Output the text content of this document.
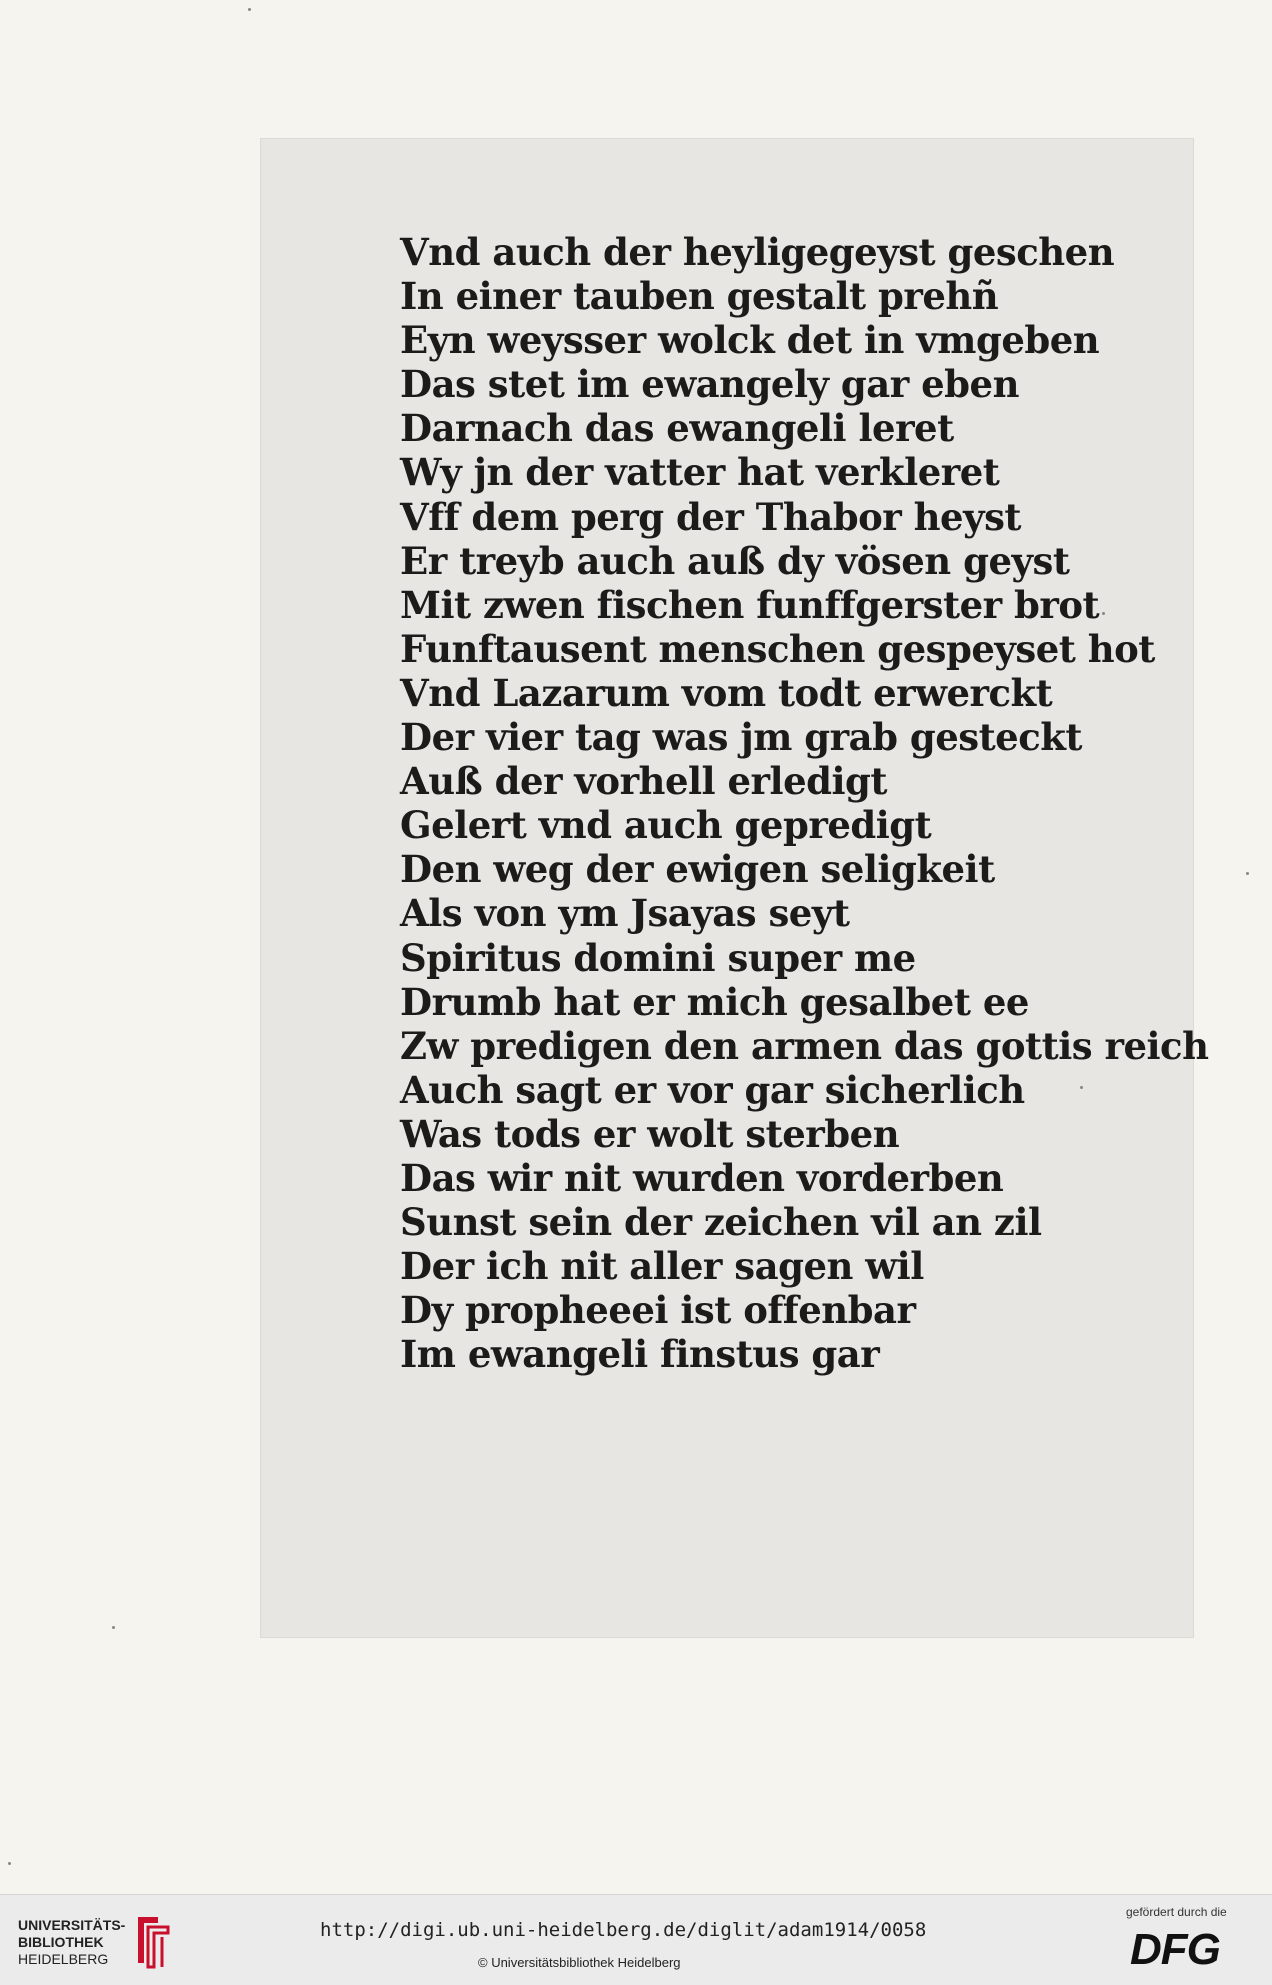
Vnd auch der heyligegeyst geschen
In einer tauben gestalt prehñ
Eyn weysser wolck det in vmgeben
Das stet im ewangely gar eben
Darnach das ewangeli leret
Wy jn der vatter hat verkleret
Vff dem perg der Thabor heyst
Er treyb auch auß dy vösen geyst
Mit zwen fischen funffgerster brot
Funftausent menschen gespeyset hot
Vnd Lazarum vom todt erwerckt
Der vier tag was jm grab gesteckt
Auß der vorhell erledigt
Gelert vnd auch gepredigt
Den weg der ewigen seligkeit
Als von ym Jsayas seyt
Spiritus domini super me
Drumb hat er mich gesalbet ee
Zw predigen den armen das gottis reich
Auch sagt er vor gar sicherlich
Was tods er wolt sterben
Das wir nit wurden vorderben
Sunst sein der zeichen vil an zil
Der ich nit aller sagen wil
Dy propheeei ist offenbar
Im ewangeli finstus gar
UNIVERSITÄTS-
BIBLIOTHEK
HEIDELBERG
http://digi.ub.uni-heidelberg.de/diglit/adam1914/0058
© Universitätsbibliothek Heidelberg
gefördert durch die
DFG
